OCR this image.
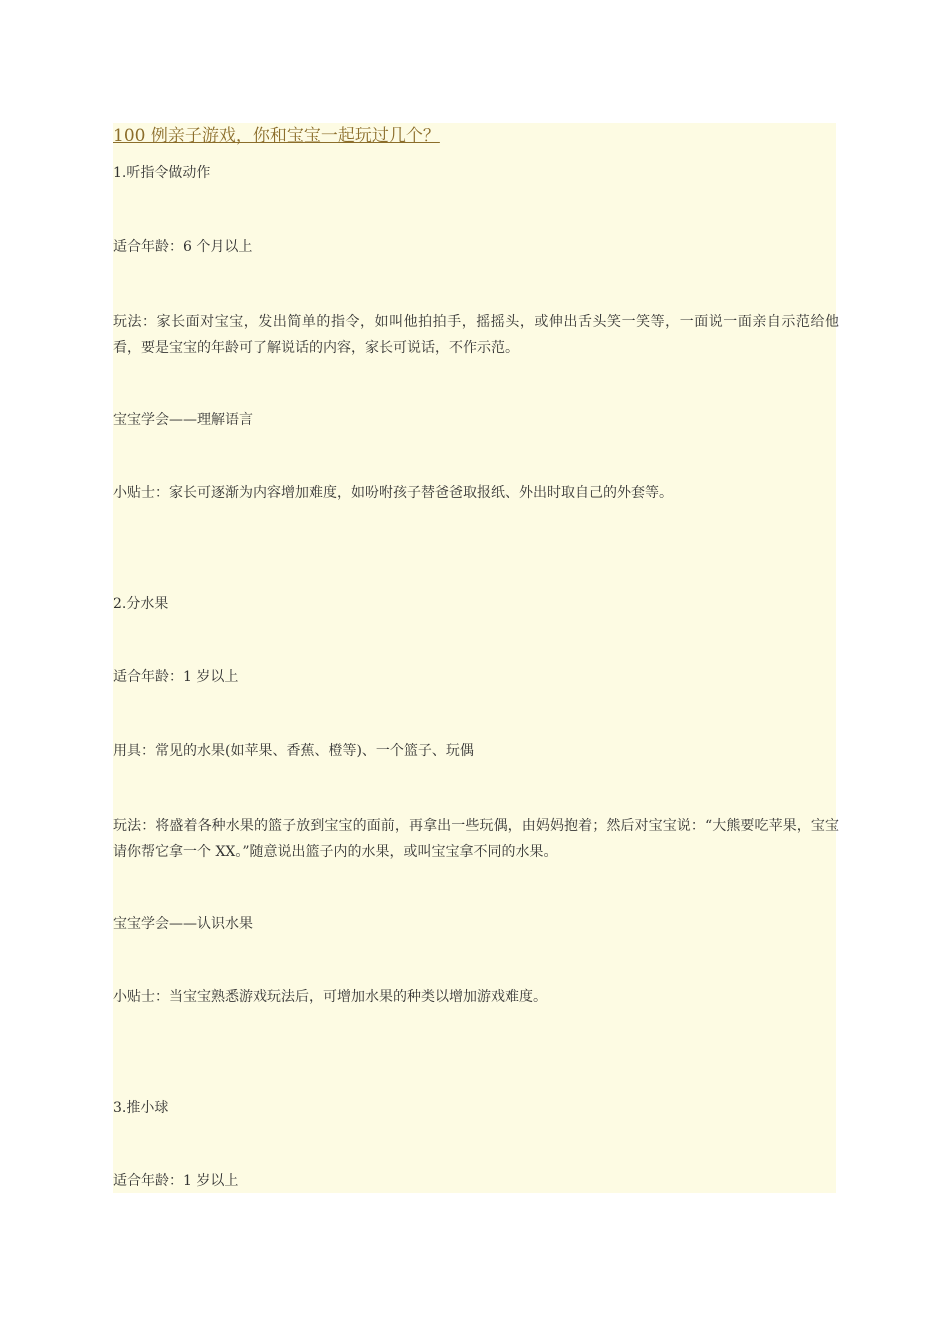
100 例亲子游戏，你和宝宝一起玩过几个？

1.听指令做动作

适合年龄：6 个月以上

玩法：家长面对宝宝，发出简单的指令，如叫他拍拍手，摇摇头，或伸出舌头笑一笑等，一面说一面亲自示范给他看，要是宝宝的年龄可了解说话的内容，家长可说话，不作示范。

宝宝学会——理解语言

小贴士：家长可逐渐为内容增加难度，如吩咐孩子替爸爸取报纸、外出时取自己的外套等。

2.分水果

适合年龄：1 岁以上

用具：常见的水果(如苹果、香蕉、橙等)、一个篮子、玩偶

玩法：将盛着各种水果的篮子放到宝宝的面前，再拿出一些玩偶，由妈妈抱着；然后对宝宝说：“大熊要吃苹果，宝宝请你帮它拿一个 XX。”随意说出篮子内的水果，或叫宝宝拿不同的水果。

宝宝学会——认识水果

小贴士：当宝宝熟悉游戏玩法后，可增加水果的种类以增加游戏难度。

3.推小球

适合年龄：1 岁以上
